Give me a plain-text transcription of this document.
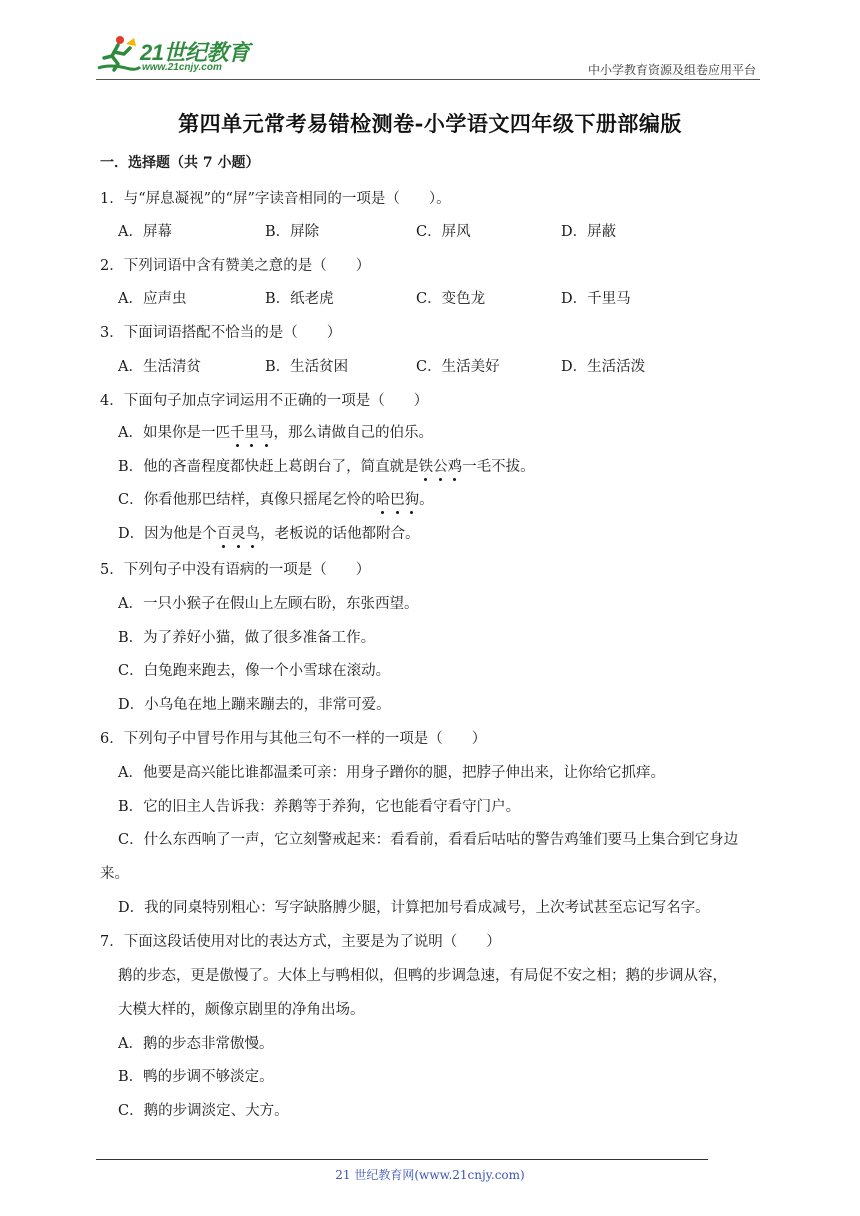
21世纪教育
www.21cnjy.com	中小学教育资源及组卷应用平台
第四单元常考易错检测卷-小学语文四年级下册部编版
一．选择题（共 7 小题）
1．与“屏息凝视”的“屏”字读音相同的一项是（　　）。
A．屏幕	B．屏除	C．屏风	D．屏蔽
2．下列词语中含有赞美之意的是（　　）
A．应声虫	B．纸老虎	C．变色龙	D．千里马
3．下面词语搭配不恰当的是（　　）
A．生活清贫	B．生活贫困	C．生活美好	D．生活活泼
4．下面句子加点字词运用不正确的一项是（　　）
A．如果你是一匹千里马，那么请做自己的伯乐。
B．他的吝啬程度都快赶上葛朗台了，简直就是铁公鸡一毛不拔。
C．你看他那巴结样，真像只摇尾乞怜的哈巴狗。
D．因为他是个百灵鸟，老板说的话他都附合。
5．下列句子中没有语病的一项是（　　）
A．一只小猴子在假山上左顾右盼，东张西望。
B．为了养好小猫，做了很多准备工作。
C．白兔跑来跑去，像一个小雪球在滚动。
D．小乌龟在地上蹦来蹦去的，非常可爱。
6．下列句子中冒号作用与其他三句不一样的一项是（　　）
A．他要是高兴能比谁都温柔可亲：用身子蹭你的腿，把脖子伸出来，让你给它抓痒。
B．它的旧主人告诉我：养鹅等于养狗，它也能看守看守门户。
C．什么东西响了一声，它立刻警戒起来：看看前，看看后咕咕的警告鸡雏们要马上集合到它身边
来。
D．我的同桌特别粗心：写字缺胳膊少腿，计算把加号看成减号，上次考试甚至忘记写名字。
7．下面这段话使用对比的表达方式，主要是为了说明（　　）
鹅的步态，更是傲慢了。大体上与鸭相似，但鸭的步调急速，有局促不安之相；鹅的步调从容，
大模大样的，颇像京剧里的净角出场。
A．鹅的步态非常傲慢。
B．鸭的步调不够淡定。
C．鹅的步调淡定、大方。
21 世纪教育网(www.21cnjy.com)
